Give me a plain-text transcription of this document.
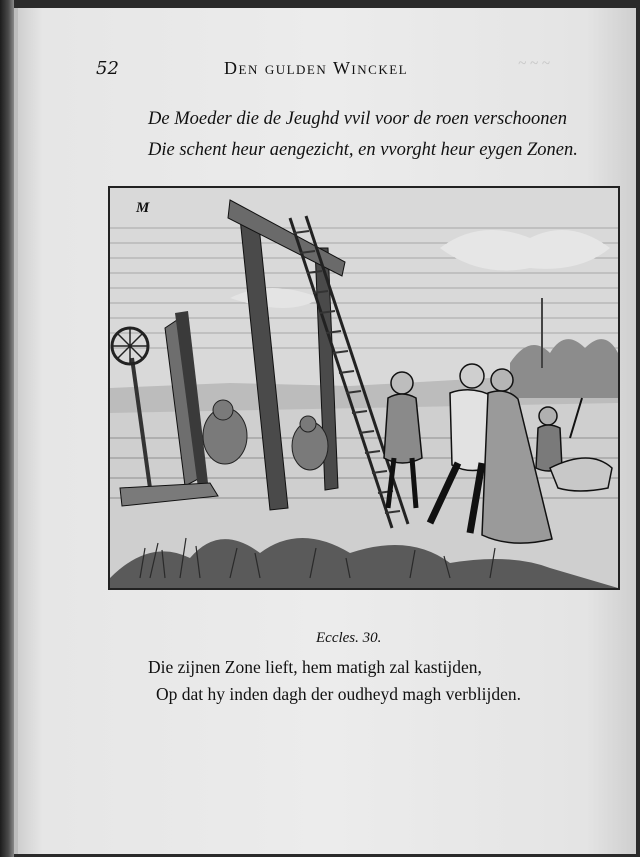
~ ~ ~
52	Den gulden Winckel
De Moeder die de Jeughd vvil voor de roen verschoonen
Die schent heur aengezicht, en vvorght heur eygen Zonen.
M
Eccles. 30.
Die zijnen Zone lieft, hem matigh zal kastijden,
Op dat hy inden dagh der oudheyd magh verblijden.
